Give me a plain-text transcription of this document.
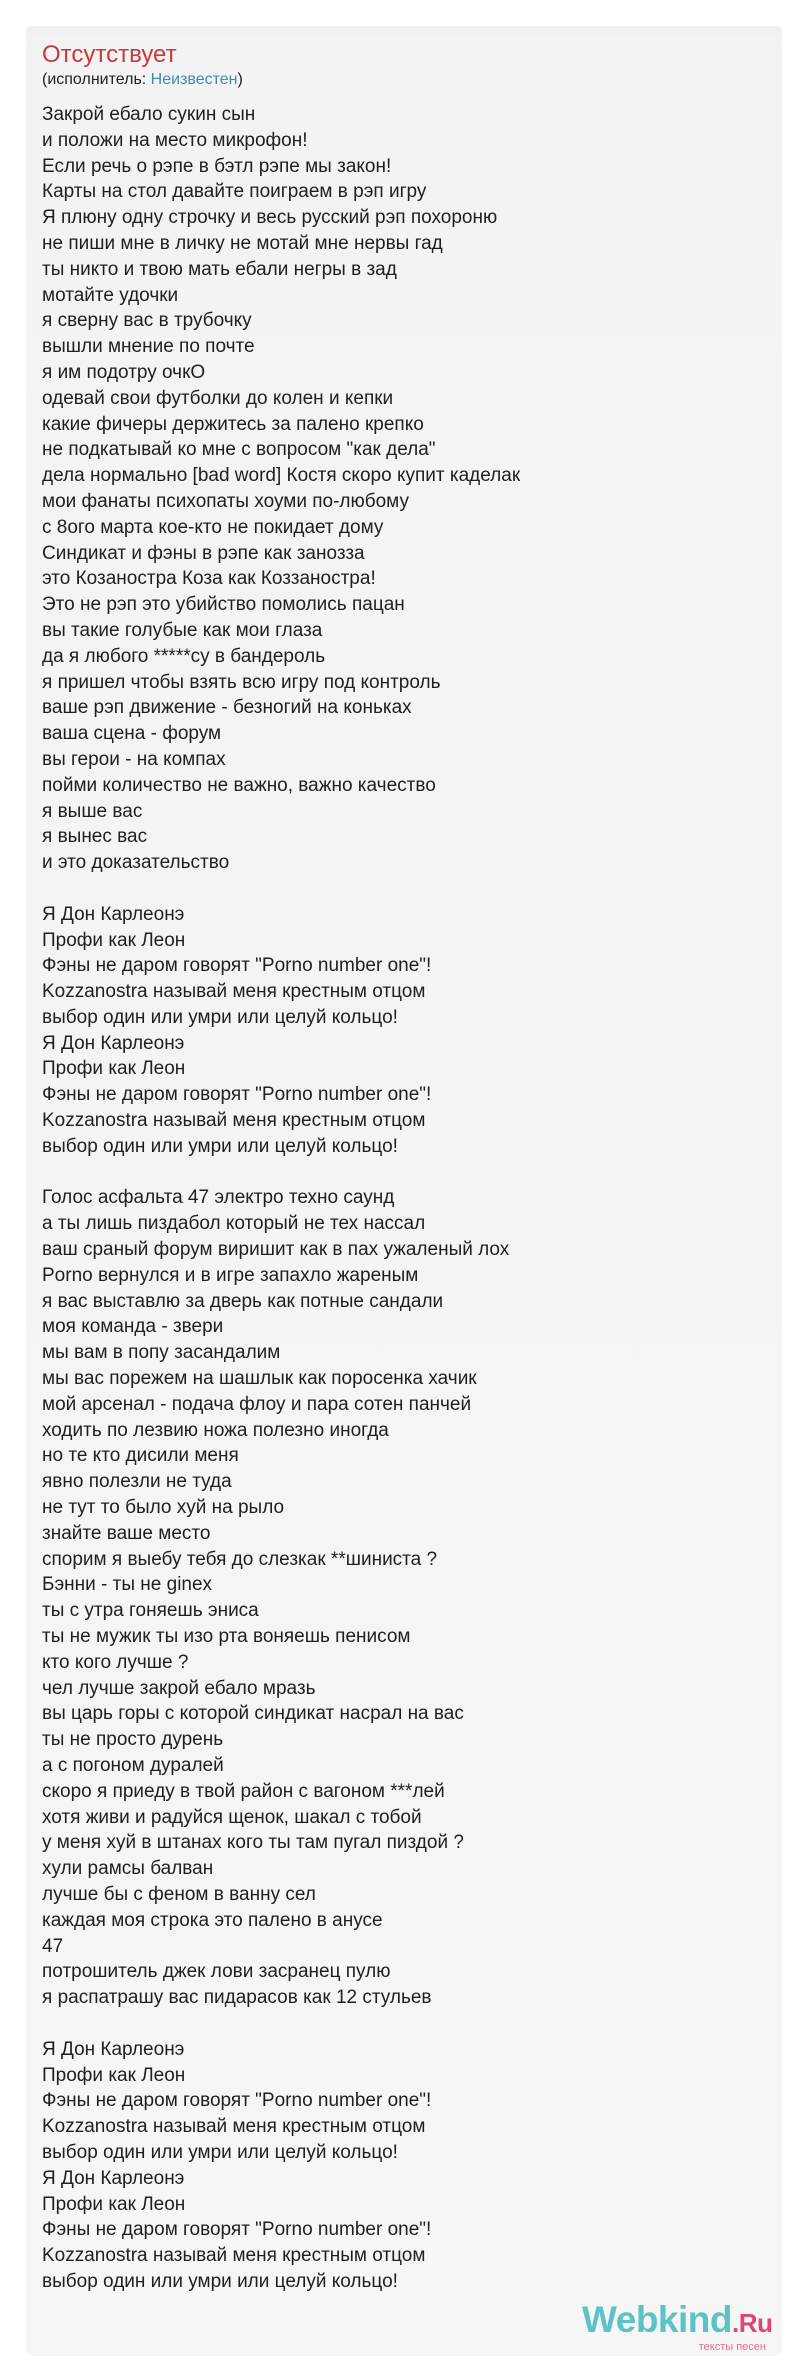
Отсутствует
(исполнитель: Неизвестен)
Закрой ебало сукин сын
и положи на место микрофон!
Если речь о рэпе в бэтл рэпе мы закон!
Карты на стол давайте поиграем в рэп игру
Я плюну одну строчку и весь русский рэп похороню
не пиши мне в личку не мотай мне нервы гад
ты никто и твою мать ебали негры в зад
мотайте удочки
я сверну вас в трубочку
вышли мнение по почте
я им подотру очкО
одевай свои футболки до колен и кепки
какие фичеры держитесь за палено крепко
не подкатывай ко мне с вопросом "как дела"
дела нормально [bad word] Костя скоро купит каделак
мои фанаты психопаты хоуми по-любому
с 8ого марта кое-кто не покидает дому
Синдикат и фэны в рэпе как занозза
это Козаностра Коза как Коззаностра!
Это не рэп это убийство помолись пацан
вы такие голубые как мои глаза
да я любого *****су в бандероль
я пришел чтобы взять всю игру под контроль
ваше рэп движение - безногий на коньках
ваша сцена - форум
вы герои - на компах
пойми количество не важно, важно качество
я выше вас
я вынес вас
и это доказательство
Я Дон Карлеонэ
Профи как Леон
Фэны не даром говорят "Porno number one"!
Kozzanostra называй меня крестным отцом
выбор один или умри или целуй кольцо!
Я Дон Карлеонэ
Профи как Леон
Фэны не даром говорят "Porno number one"!
Kozzanostra называй меня крестным отцом
выбор один или умри или целуй кольцо!
Голос асфальта 47 электро техно саунд
а ты лишь пиздабол который не тех нассал
ваш сраный форум виришит как в пах ужаленый лох
Porno вернулся и в игре запахло жареным
я вас выставлю за дверь как потные сандали
моя команда - звери
мы вам в попу засандалим
мы вас порежем на шашлык как поросенка хачик
мой арсенал - подача флоу и пара сотен панчей
ходить по лезвию ножа полезно иногда
но те кто дисили меня
явно полезли не туда
не тут то было хуй на рыло
знайте ваше место
спорим я выебу тебя до слезкак **шиниста ?
Бэнни - ты не ginex
ты с утра гоняешь эниса
ты не мужик ты изо рта воняешь пенисом
кто кого лучше ?
чел лучше закрой ебало мразь
вы царь горы с которой синдикат насрал на вас
ты не просто дурень
а с погоном дуралей
скоро я приеду в твой район с вагоном ***лей
хотя живи и радуйся щенок, шакал с тобой
у меня хуй в штанах кого ты там пугал пиздой ?
хули рамсы балван
лучше бы с феном в ванну сел
каждая моя строка это палено в анусе
47
потрошитель джек лови засранец пулю
я распатрашу вас пидарасов как 12 стульев
Я Дон Карлеонэ
Профи как Леон
Фэны не даром говорят "Porno number one"!
Kozzanostra называй меня крестным отцом
выбор один или умри или целуй кольцо!
Я Дон Карлеонэ
Профи как Леон
Фэны не даром говорят "Porno number one"!
Kozzanostra называй меня крестным отцом
выбор один или умри или целуй кольцо!
Webkind.Ru
тексты песен
